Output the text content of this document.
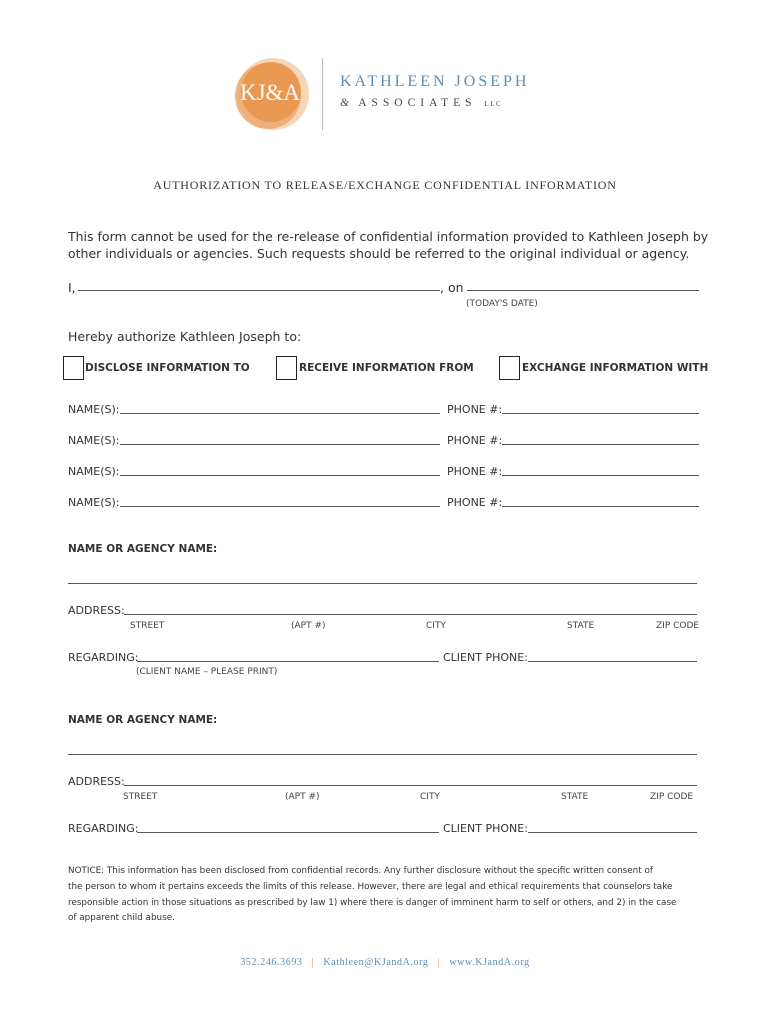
KJ&A	KATHLEEN JOSEPH
& ASSOCIATES LLC
AUTHORIZATION TO RELEASE/EXCHANGE CONFIDENTIAL INFORMATION
This form cannot be used for the re-release of confidential information provided to Kathleen Joseph by
other individuals or agencies. Such requests should be referred to the original individual or agency.
I,	, on
(TODAY'S DATE)
Hereby authorize Kathleen Joseph to:
DISCLOSE INFORMATION TO	RECEIVE INFORMATION FROM	EXCHANGE INFORMATION WITH
NAME(S):	PHONE #:
NAME(S):	PHONE #:
NAME(S):	PHONE #:
NAME(S):	PHONE #:
NAME OR AGENCY NAME:
ADDRESS:
STREET	(APT #)	CITY	STATE	ZIP CODE
REGARDING:	CLIENT PHONE:
(CLIENT NAME – PLEASE PRINT)
NAME OR AGENCY NAME:
ADDRESS:
STREET	(APT #)	CITY	STATE	ZIP CODE
REGARDING:	CLIENT PHONE:
NOTICE: This information has been disclosed from confidential records. Any further disclosure without the specific written consent of
the person to whom it pertains exceeds the limits of this release. However, there are legal and ethical requirements that counselors take
responsible action in those situations as prescribed by law 1) where there is danger of imminent harm to self or others, and 2) in the case
of apparent child abuse.
352.246.3693 | Kathleen@KJandA.org | www.KJandA.org
